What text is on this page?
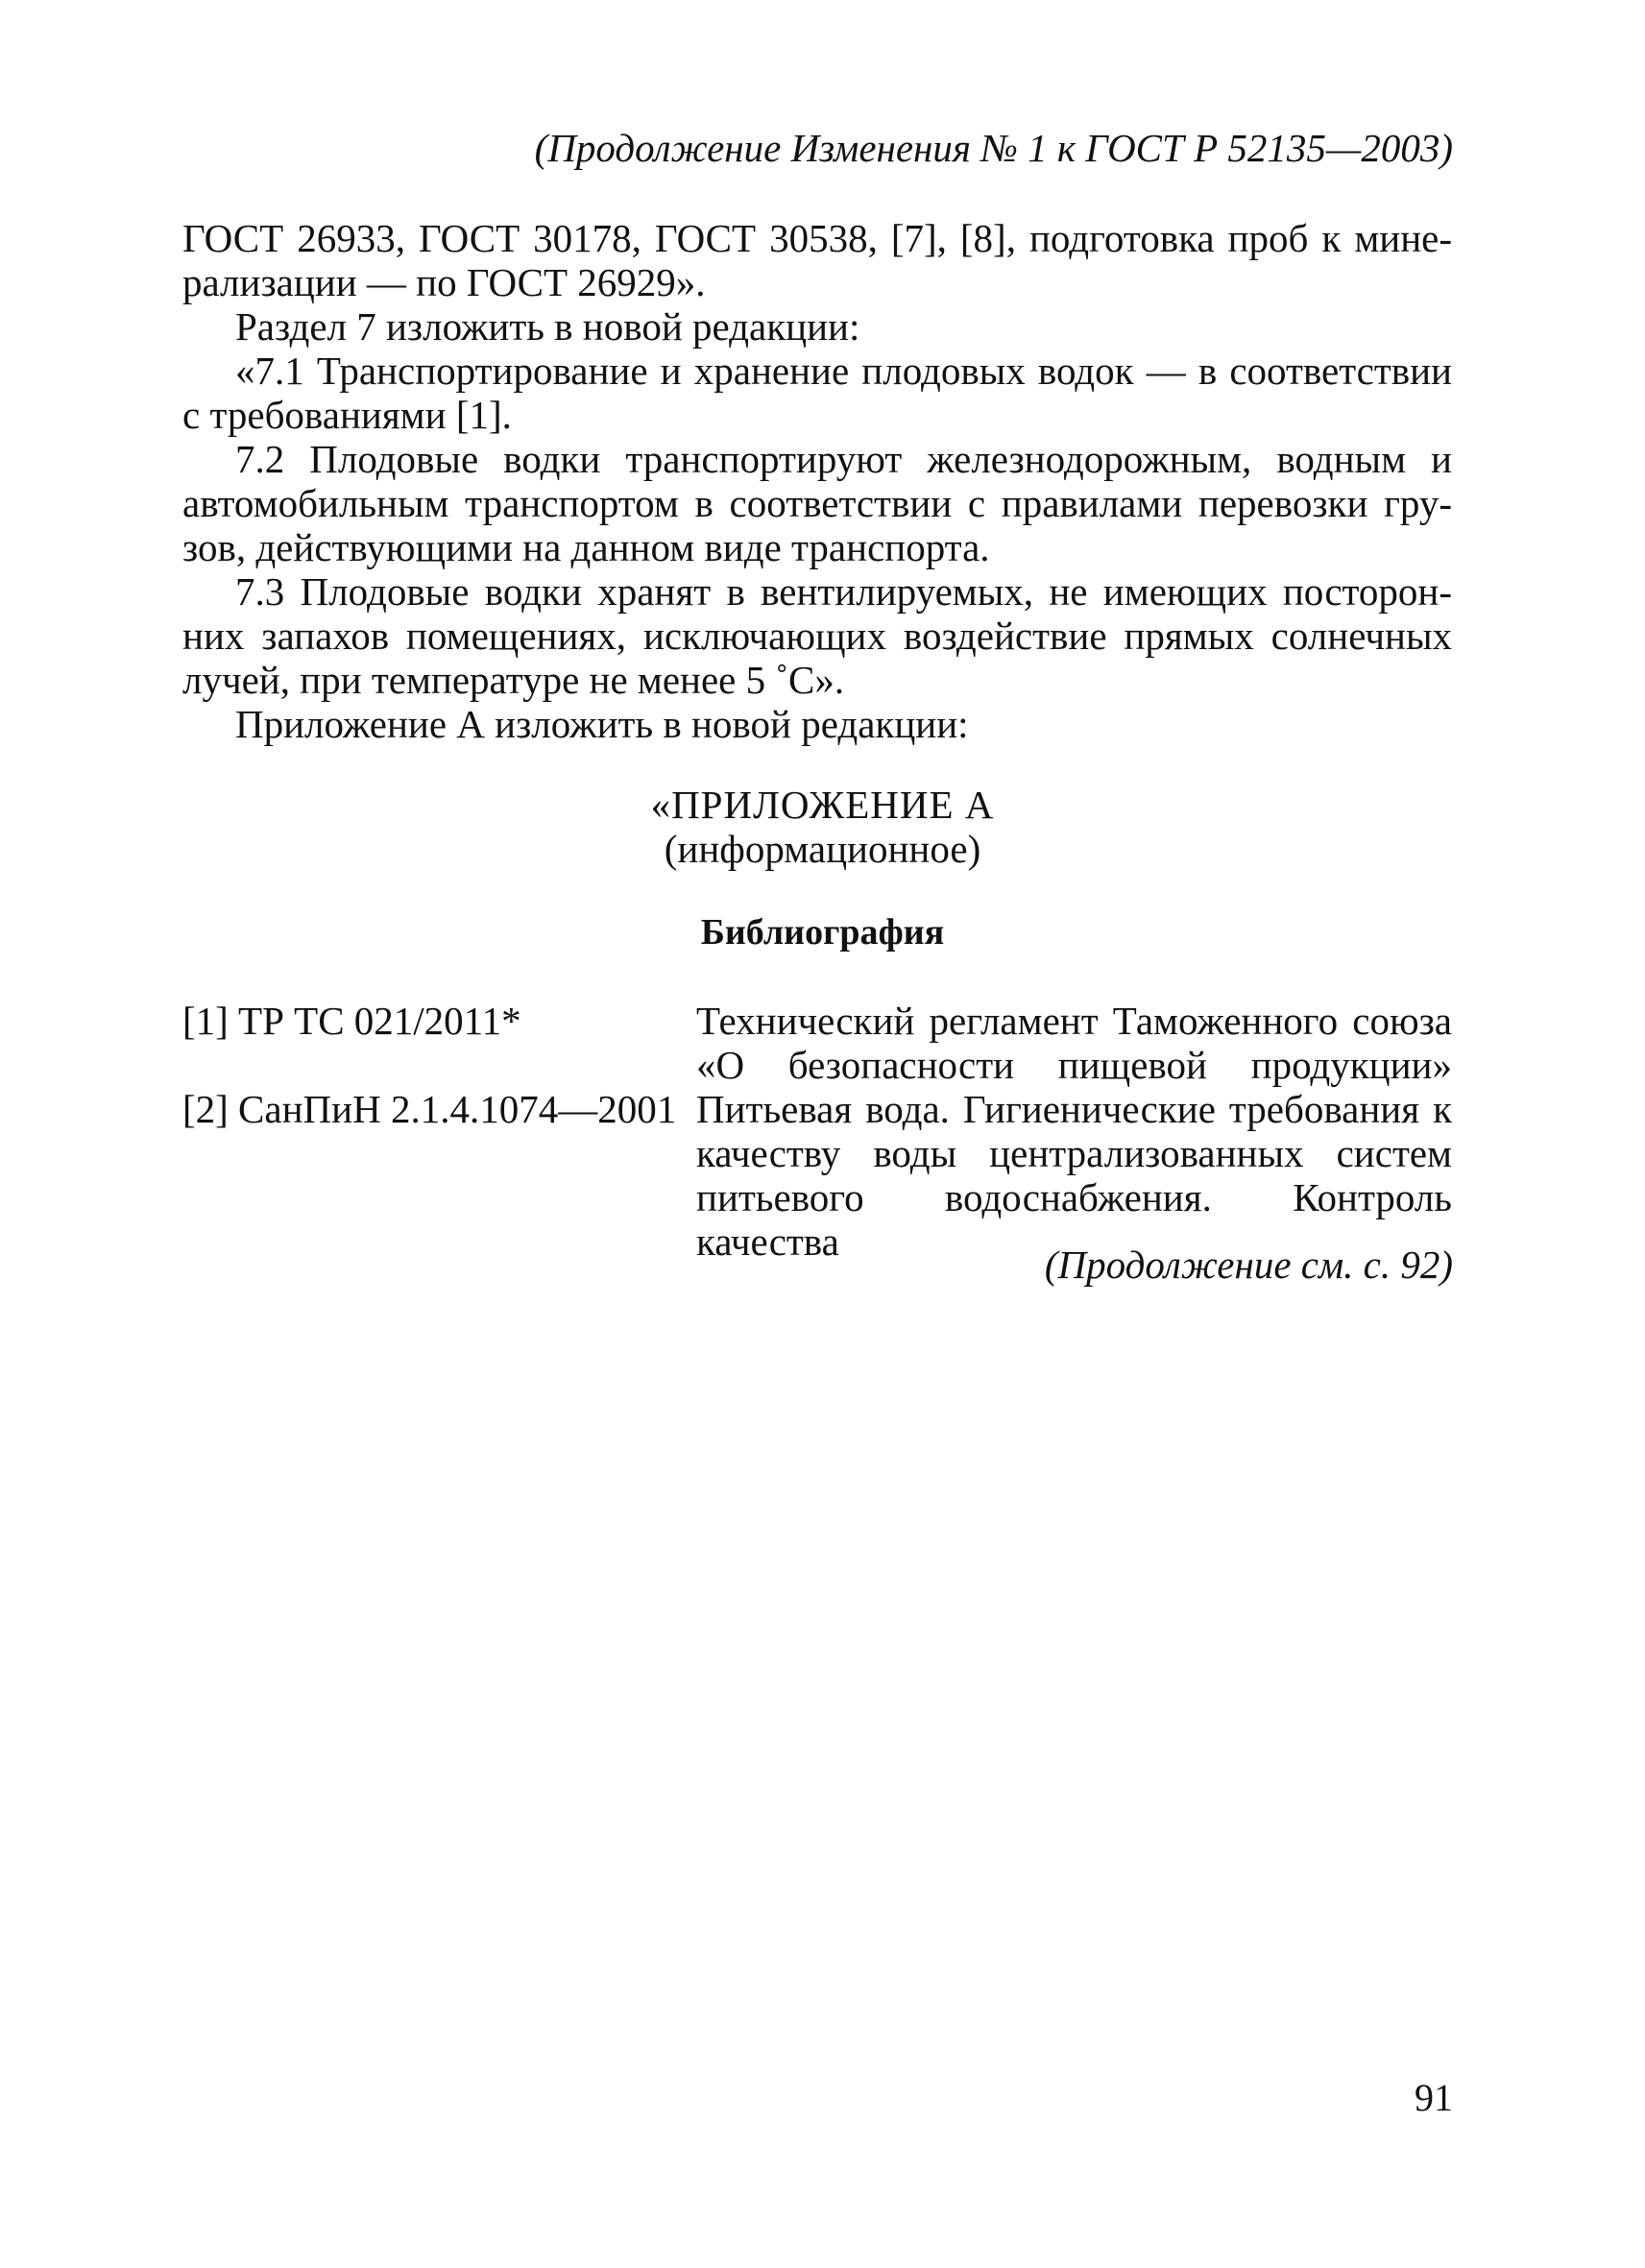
(Продолжение Изменения № 1 к ГОСТ Р 52135—2003)

ГОСТ 26933, ГОСТ 30178, ГОСТ 30538, [7], [8], подготовка проб к мине-
рализации — по ГОСТ 26929».

Раздел 7 изложить в новой редакции:

«7.1 Транспортирование и хранение плодовых водок — в соответствии
с требованиями [1].

7.2 Плодовые водки транспортируют железнодорожным, водным и
автомобильным транспортом в соответствии с правилами перевозки гру-
зов, действующими на данном виде транспорта.

7.3 Плодовые водки хранят в вентилируемых, не имеющих посторон-
них запахов помещениях, исключающих воздействие прямых солнечных
лучей, при температуре не менее 5 ˚С».

Приложение А изложить в новой редакции:

«ПРИЛОЖЕНИЕ А
(информационное)
Библиография
[1] ТР ТС 021/2011*	Технический регламент Таможенного союза
«О безопасности пищевой продукции»
[2] СанПиН 2.1.4.1074—2001 Питьевая вода. Гигиенические требования к
качеству воды централизованных систем
питьевого водоснабжения. Контроль качества
(Продолжение см. с. 92)
91
